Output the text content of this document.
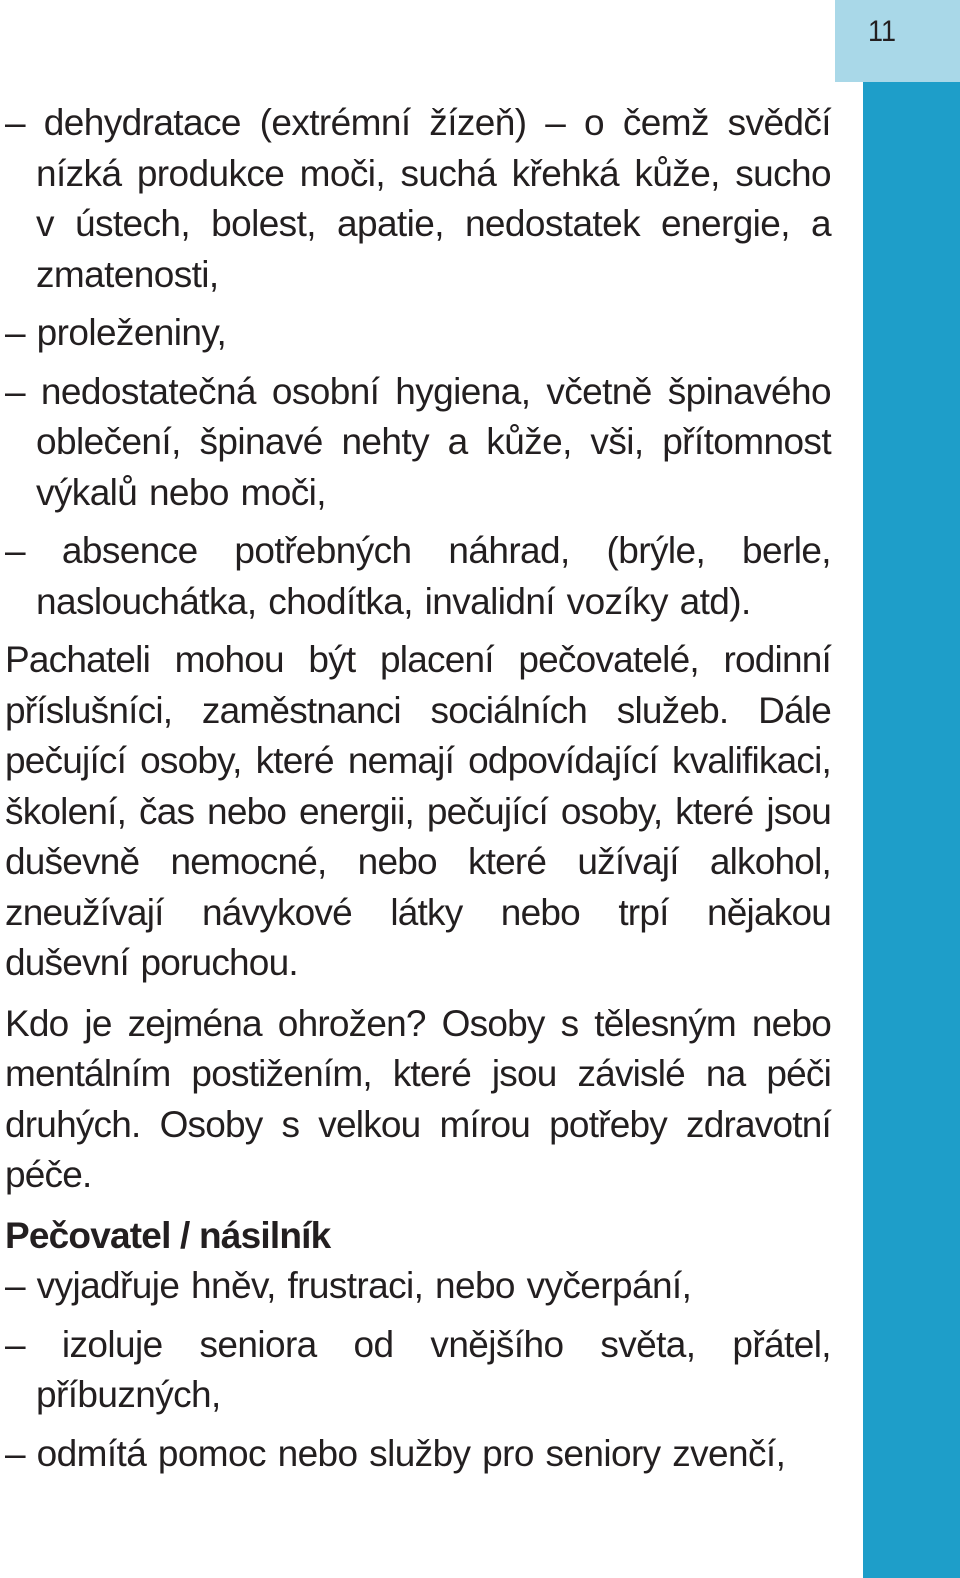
11

– dehydratace (extrémní žízeň) – o čemž svědčí nízká produkce moči, suchá křehká kůže, sucho v ústech, bolest, apatie, nedostatek energie, a zmatenosti,

– proleženiny,

– nedostatečná osobní hygiena, včetně špinavého oblečení, špinavé nehty a kůže, vši, přítomnost výkalů nebo moči,

– absence potřebných náhrad, (brýle, berle, naslouchátka, chodítka, invalidní vozíky atd).

Pachateli mohou být placení pečovatelé, rodinní příslušníci, zaměstnanci sociálních služeb. Dále pečující osoby, které nemají odpovídající kvalifikaci, školení, čas nebo energii, pečující osoby, které jsou duševně nemocné, nebo které užívají alkohol, zneužívají návykové látky nebo trpí nějakou duševní poruchou.

Kdo je zejména ohrožen? Osoby s tělesným nebo mentálním postižením, které jsou závislé na péči druhých. Osoby s velkou mírou potřeby zdravotní péče.

Pečovatel / násilník

– vyjadřuje hněv, frustraci, nebo vyčerpání,

– izoluje seniora od vnějšího světa, přátel, příbuzných,

– odmítá pomoc nebo služby pro seniory zvenčí,
